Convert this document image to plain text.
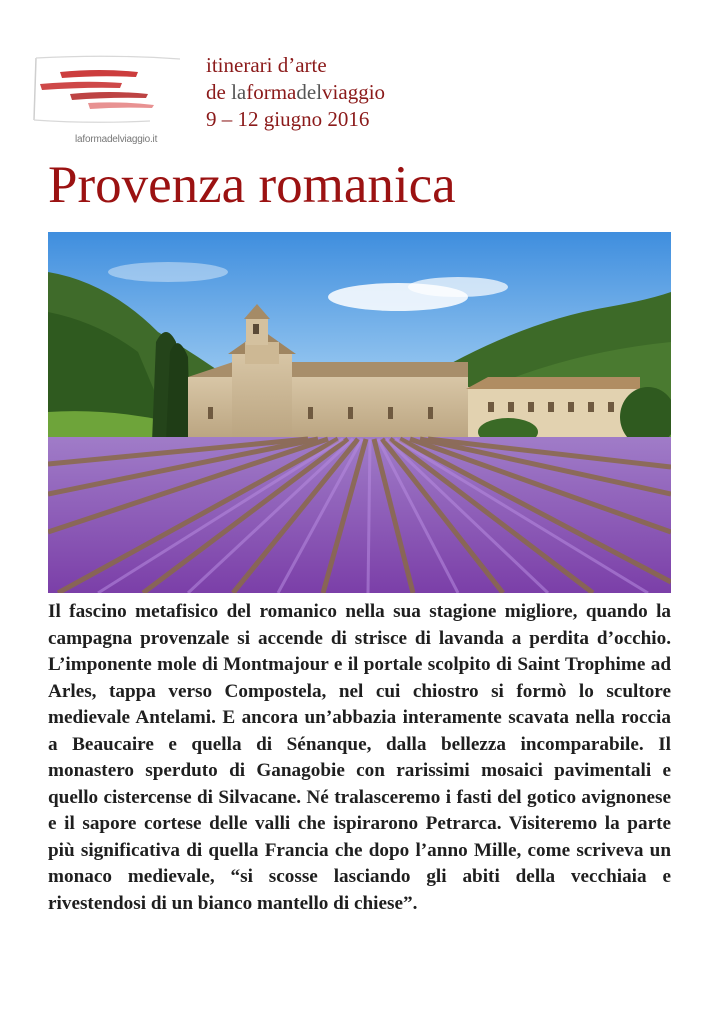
laformadelviaggio.it
itinerari d’arte
de laformadelviaggio
9 – 12 giugno 2016
Provenza romanica
Il fascino metafisico del romanico nella sua stagione migliore, quando la campagna provenzale si accende di strisce di lavanda a perdita d’occhio. L’imponente mole di Montmajour e il portale scolpito di Saint Trophime ad Arles, tappa verso Compostela, nel cui chiostro si formò lo scultore medievale Antelami. E ancora un’abbazia interamente scavata nella roccia a Beaucaire e quella di Sénanque, dalla bellezza incomparabile. Il monastero sperduto di Ganagobie con rarissimi mosaici pavimentali e quello cistercense di Silvacane. Né tralasceremo i fasti del gotico avignonese e il sapore cortese delle valli che ispirarono Petrarca. Visiteremo la parte più significativa di quella Francia che dopo l’anno Mille, come scriveva un monaco medievale, “si scosse lasciando gli abiti della vecchiaia e rivestendosi di un bianco mantello di chiese”.
